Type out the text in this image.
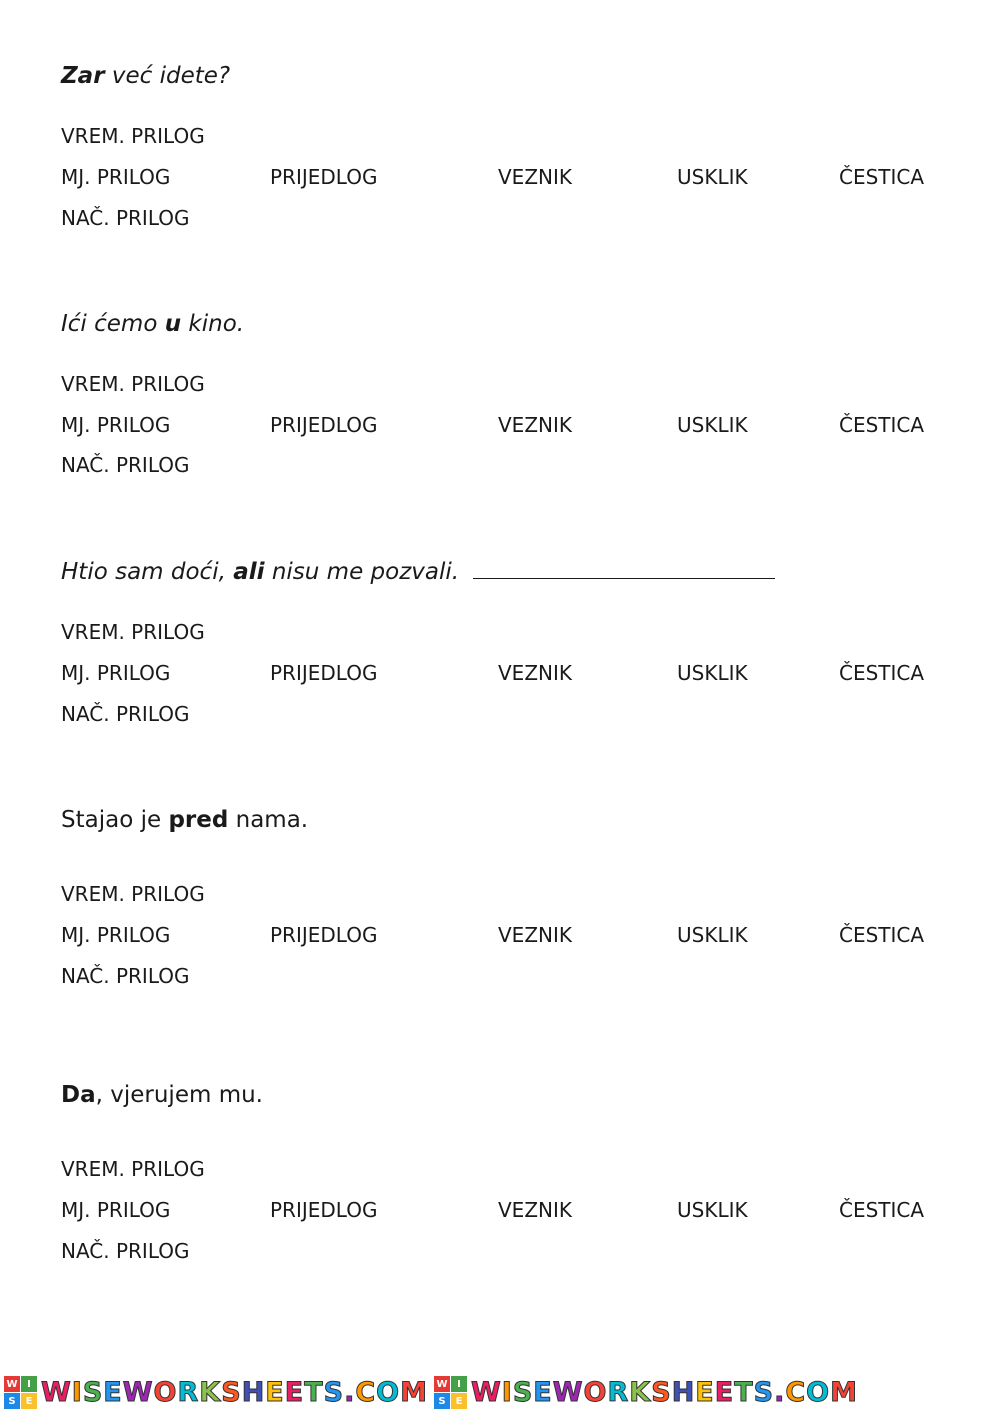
Zar već idete?
VREM. PRILOG
MJ. PRILOG	PRIJEDLOG	VEZNIK	USKLIK	ČESTICA
NAČ. PRILOG
Ići ćemo u kino.
VREM. PRILOG
MJ. PRILOG	PRIJEDLOG	VEZNIK	USKLIK	ČESTICA
NAČ. PRILOG
Htio sam doći, ali nisu me pozvali.
VREM. PRILOG
MJ. PRILOG	PRIJEDLOG	VEZNIK	USKLIK	ČESTICA
NAČ. PRILOG
Stajao je pred nama.
VREM. PRILOG
MJ. PRILOG	PRIJEDLOG	VEZNIK	USKLIK	ČESTICA
NAČ. PRILOG
Da, vjerujem mu.
VREM. PRILOG
MJ. PRILOG	PRIJEDLOG	VEZNIK	USKLIK	ČESTICA
NAČ. PRILOG
W I
S E WISEWORKSHEETS.COM W I
S E WISEWORKSHEETS.COM
